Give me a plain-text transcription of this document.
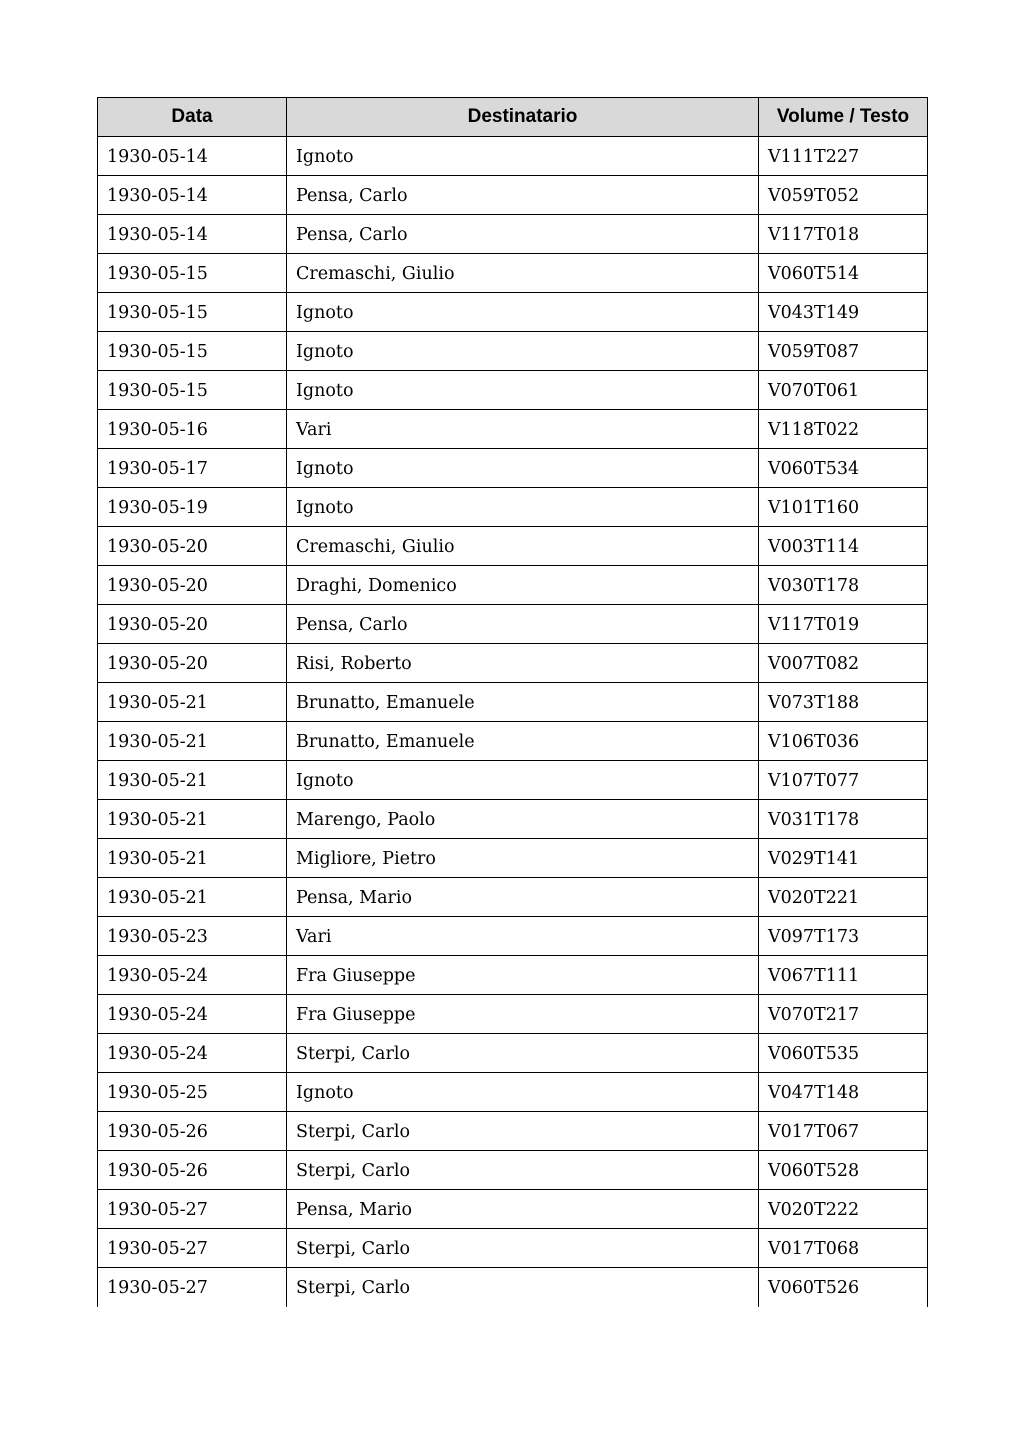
Data	Destinatario	Volume / Testo
1930-05-14	Ignoto	V111T227
1930-05-14	Pensa, Carlo	V059T052
1930-05-14	Pensa, Carlo	V117T018
1930-05-15	Cremaschi, Giulio	V060T514
1930-05-15	Ignoto	V043T149
1930-05-15	Ignoto	V059T087
1930-05-15	Ignoto	V070T061
1930-05-16	Vari	V118T022
1930-05-17	Ignoto	V060T534
1930-05-19	Ignoto	V101T160
1930-05-20	Cremaschi, Giulio	V003T114
1930-05-20	Draghi, Domenico	V030T178
1930-05-20	Pensa, Carlo	V117T019
1930-05-20	Risi, Roberto	V007T082
1930-05-21	Brunatto, Emanuele	V073T188
1930-05-21	Brunatto, Emanuele	V106T036
1930-05-21	Ignoto	V107T077
1930-05-21	Marengo, Paolo	V031T178
1930-05-21	Migliore, Pietro	V029T141
1930-05-21	Pensa, Mario	V020T221
1930-05-23	Vari	V097T173
1930-05-24	Fra Giuseppe	V067T111
1930-05-24	Fra Giuseppe	V070T217
1930-05-24	Sterpi, Carlo	V060T535
1930-05-25	Ignoto	V047T148
1930-05-26	Sterpi, Carlo	V017T067
1930-05-26	Sterpi, Carlo	V060T528
1930-05-27	Pensa, Mario	V020T222
1930-05-27	Sterpi, Carlo	V017T068
1930-05-27	Sterpi, Carlo	V060T526
